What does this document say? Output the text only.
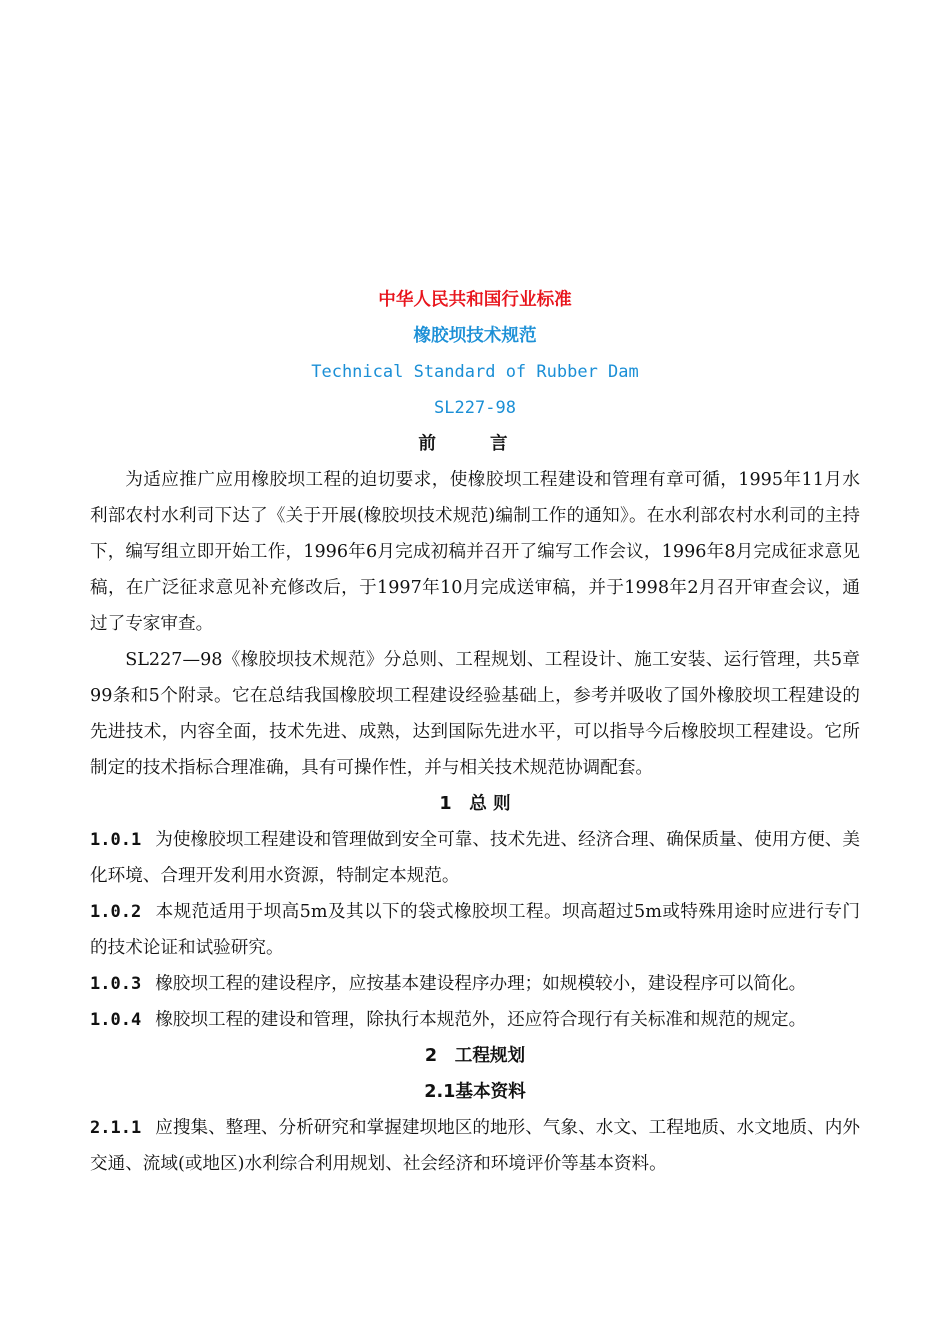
中华人民共和国行业标准
橡胶坝技术规范
Technical Standard of Rubber Dam
SL227-98
前 言

为适应推广应用橡胶坝工程的迫切要求，使橡胶坝工程建设和管理有章可循，1995年11月水利部农村水利司下达了《关于开展(橡胶坝技术规范)编制工作的通知》。在水利部农村水利司的主持下，编写组立即开始工作，1996年6月完成初稿并召开了编写工作会议，1996年8月完成征求意见稿，在广泛征求意见补充修改后，于1997年10月完成送审稿，并于1998年2月召开审查会议，通过了专家审查。

SL227—98《橡胶坝技术规范》分总则、工程规划、工程设计、施工安装、运行管理，共5章99条和5个附录。它在总结我国橡胶坝工程建设经验基础上，参考并吸收了国外橡胶坝工程建设的先进技术，内容全面，技术先进、成熟，达到国际先进水平，可以指导今后橡胶坝工程建设。它所制定的技术指标合理准确，具有可操作性，并与相关技术规范协调配套。

1　总 则

1.0.1 为使橡胶坝工程建设和管理做到安全可靠、技术先进、经济合理、确保质量、使用方便、美化环境、合理开发利用水资源，特制定本规范。

1.0.2 本规范适用于坝高5m及其以下的袋式橡胶坝工程。坝高超过5m或特殊用途时应进行专门的技术论证和试验研究。

1.0.3 橡胶坝工程的建设程序，应按基本建设程序办理；如规模较小，建设程序可以简化。

1.0.4 橡胶坝工程的建设和管理，除执行本规范外，还应符合现行有关标准和规范的规定。

2　工程规划
2.1基本资料

2.1.1 应搜集、整理、分析研究和掌握建坝地区的地形、气象、水文、工程地质、水文地质、内外交通、流域(或地区)水利综合利用规划、社会经济和环境评价等基本资料。
